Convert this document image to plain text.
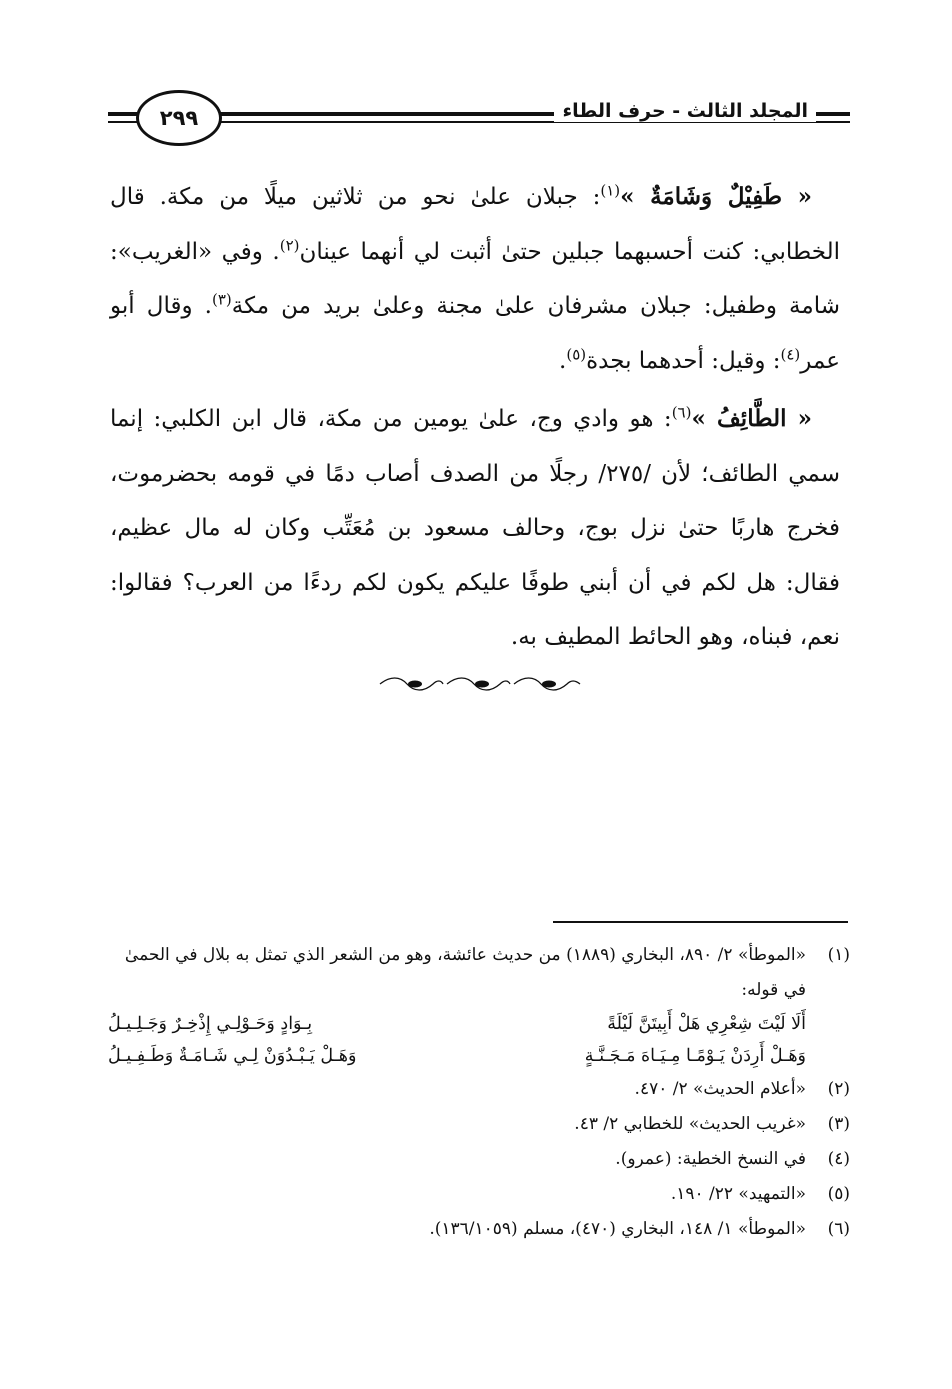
٢٩٩	المجلد الثالث - حرف الطاء

« طَفِيْلٌ وَشَامَةٌ »$^{(١)}$: جبلان علىٰ نحو من ثلاثين ميلًا من مكة. قال الخطابي: كنت أحسبهما جبلين حتىٰ أثبت لي أنهما عينان$^{(٢)}$. وفي «الغريب»: شامة وطفيل: جبلان مشرفان علىٰ مجنة وعلىٰ بريد من مكة$^{(٣)}$. وقال أبو عمر$^{(٤)}$: وقيل: أحدهما بجدة$^{(٥)}$.

« الطَّائِفُ »$^{(٦)}$: هو وادي وج، علىٰ يومين من مكة، قال ابن الكلبي: إنما سمي الطائف؛ لأن /٢٧٥/ رجلًا من الصدف أصاب دمًا في قومه بحضرموت، فخرج هاربًا حتىٰ نزل بوج، وحالف مسعود بن مُعَتِّب وكان له مال عظيم، فقال: هل لكم في أن أبني طوفًا عليكم يكون لكم ردءًا من العرب؟ فقالوا: نعم، فبناه، وهو الحائط المطيف به.

(١)
«الموطأ» ٢/ ٨٩٠، البخاري (١٨٨٩) من حديث عائشة، وهو من الشعر الذي تمثل به بلال في الحمىٰ في قوله:
أَلَا لَيْتَ شِعْرِي هَلْ أَبِيتَنَّ لَيْلَةً
بِـوَادٍ وَحَـوْلِـي إِذْخِـرٌ وَجَـلِـيـلُ
وَهَـلْ أَرِدَنْ يَـوْمًـا مِـيَـاهَ مَـجَـنَّـةٍ
وَهَـلْ يَـبْـدُوَنْ لِـي شَـامَـةٌ وَطَـفِـيـلُ
(٢)
«أعلام الحديث» ٢/ ٤٧٠.
(٣)
«غريب الحديث» للخطابي ٢/ ٤٣.
(٤)
في النسخ الخطية: (عمرو).
(٥)
«التمهيد» ٢٢/ ١٩٠.
(٦)
«الموطأ» ١/ ١٤٨، البخاري (٤٧٠)، مسلم (١٣٦/١٠٥٩).
